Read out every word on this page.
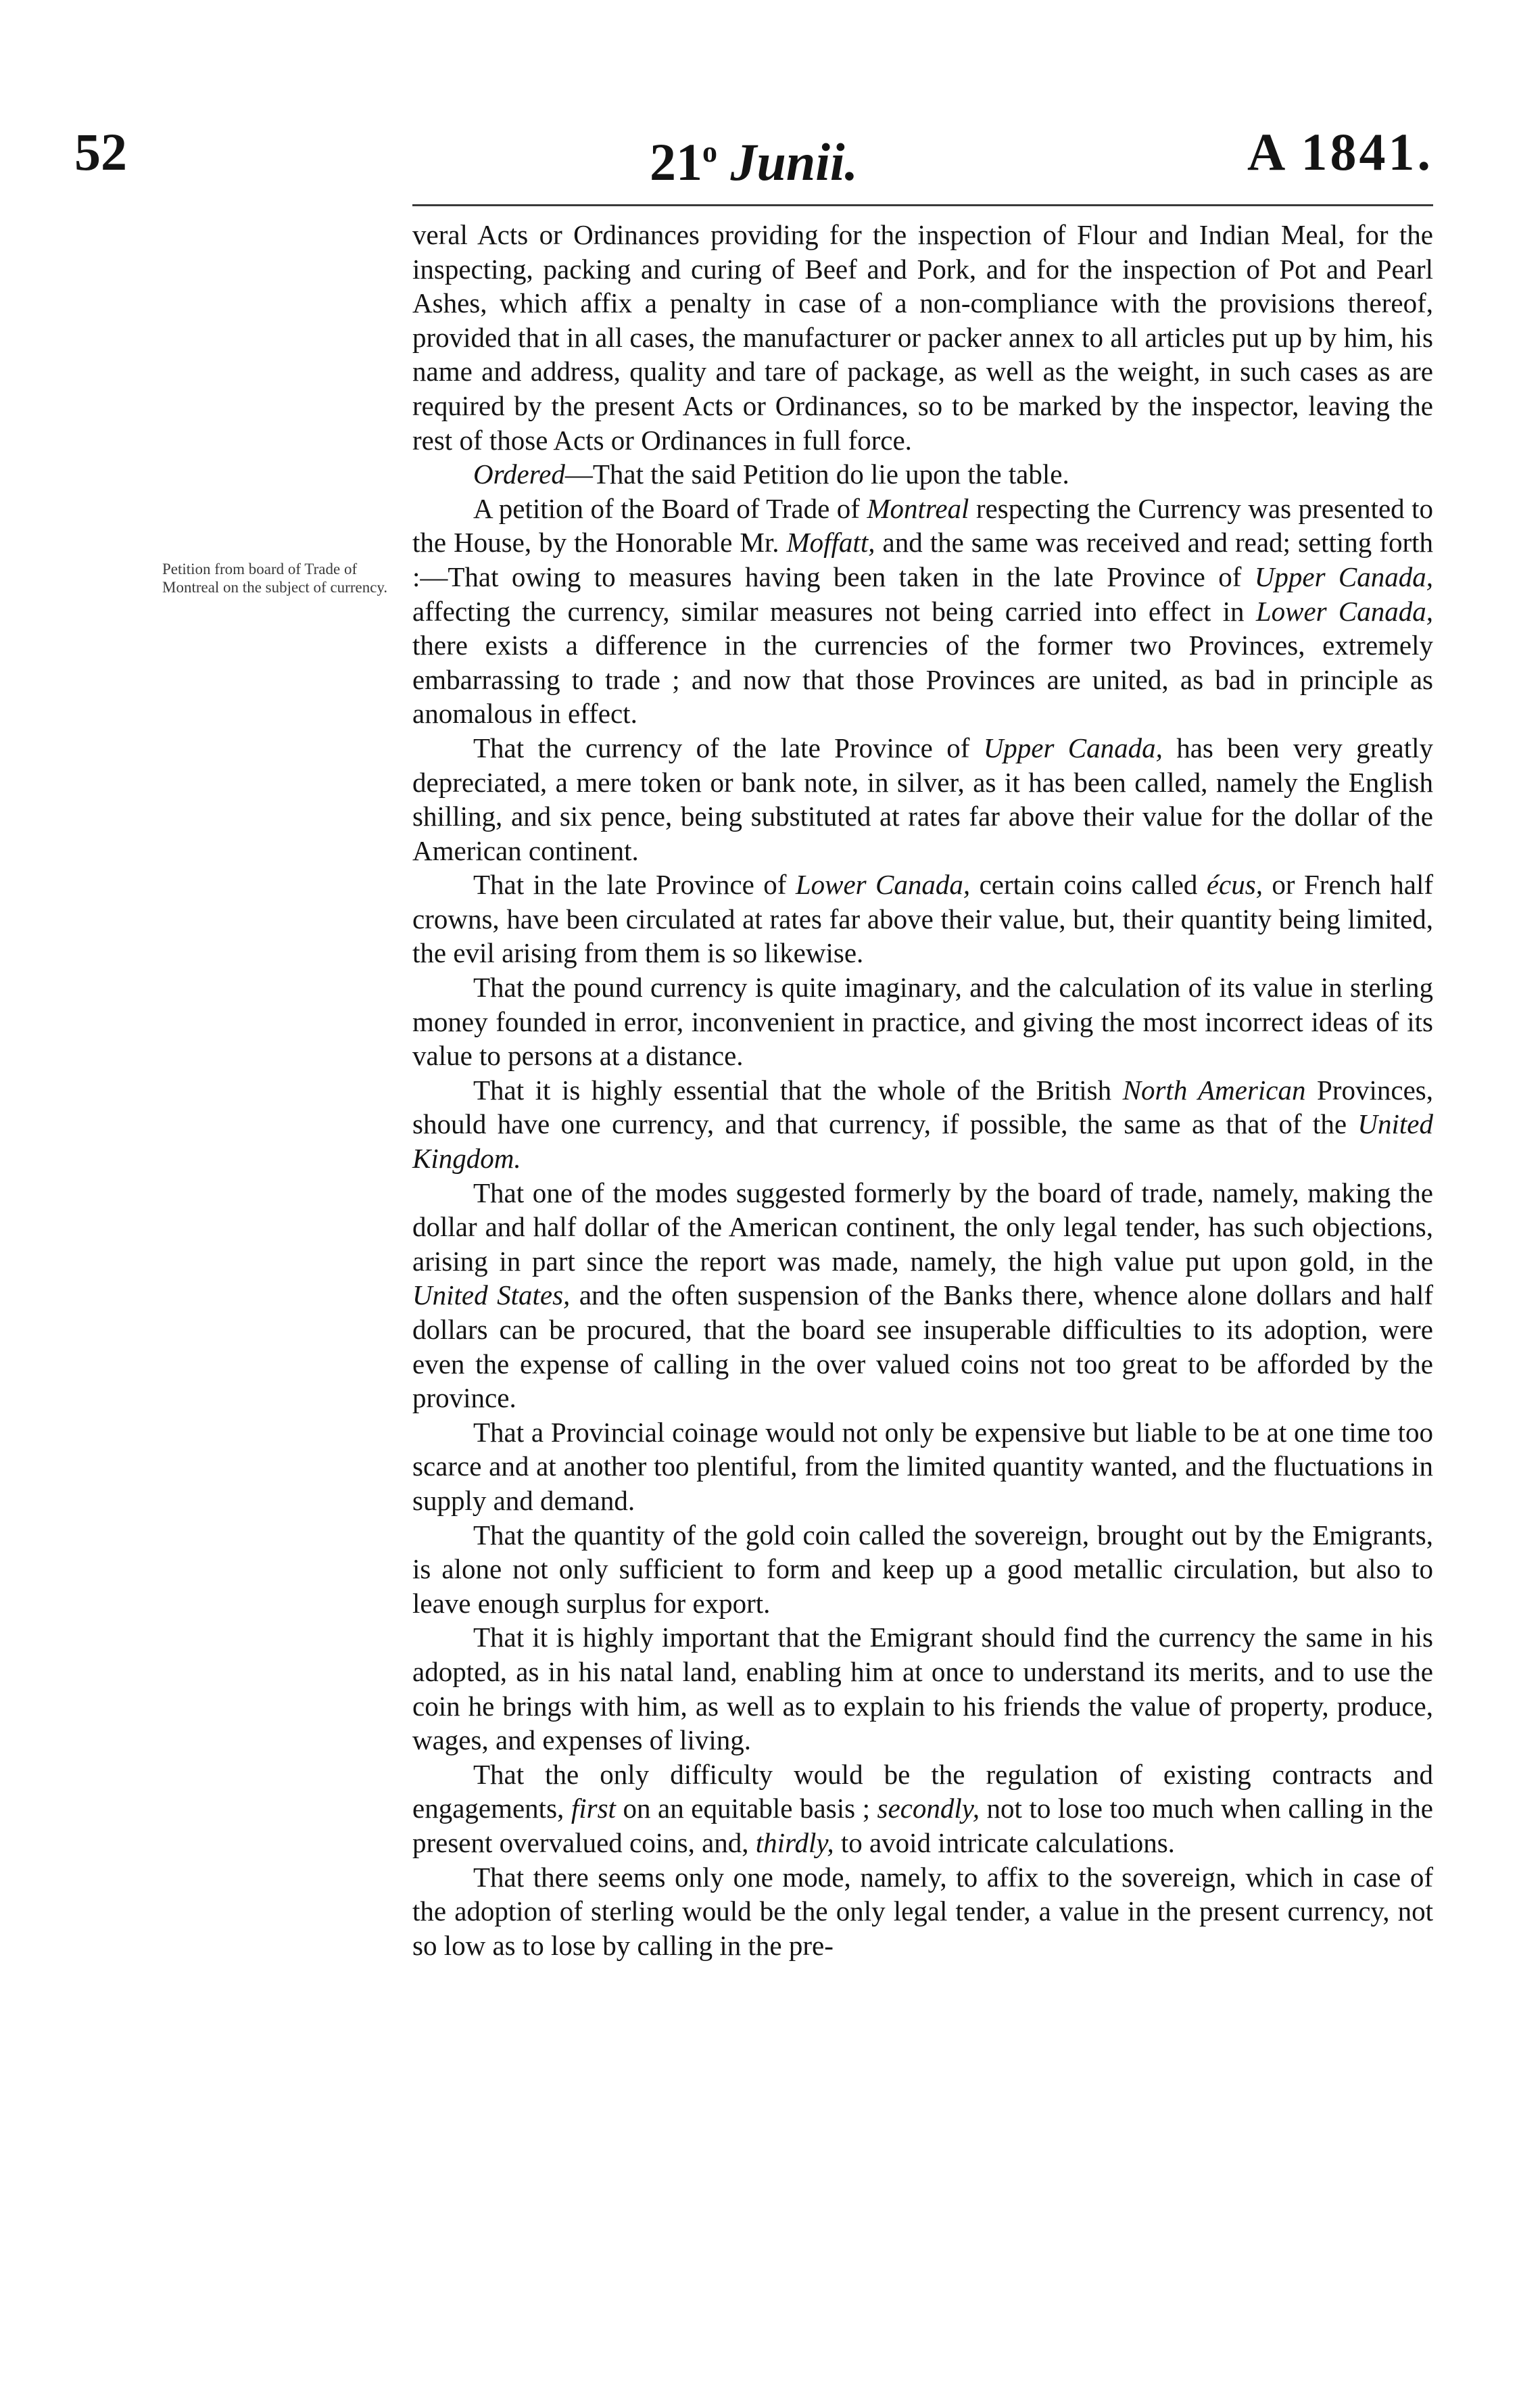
52	21$^o$ Junii.	A 1841.
Petition from board of Trade of Montreal on the subject of currency.

veral Acts or Ordinances providing for the inspection of Flour and Indian Meal, for the inspecting, packing and curing of Beef and Pork, and for the inspection of Pot and Pearl Ashes, which affix a penalty in case of a non-compliance with the provisions thereof, provided that in all cases, the manufacturer or packer annex to all articles put up by him, his name and address, quality and tare of package, as well as the weight, in such cases as are required by the present Acts or Ordinances, so to be marked by the inspector, leaving the rest of those Acts or Ordinances in full force.

Ordered—That the said Petition do lie upon the table.

A petition of the Board of Trade of Montreal respecting the Currency was presented to the House, by the Honorable Mr. Moffatt, and the same was received and read; setting forth :—That owing to measures having been taken in the late Province of Upper Canada, affecting the currency, similar measures not being carried into effect in Lower Canada, there exists a difference in the currencies of the former two Provinces, extremely embarrassing to trade ; and now that those Provinces are united, as bad in principle as anomalous in effect.

That the currency of the late Province of Upper Canada, has been very greatly depreciated, a mere token or bank note, in silver, as it has been called, namely the English shilling, and six pence, being substituted at rates far above their value for the dollar of the American continent.

That in the late Province of Lower Canada, certain coins called écus, or French half crowns, have been circulated at rates far above their value, but, their quantity being limited, the evil arising from them is so likewise.

That the pound currency is quite imaginary, and the calculation of its value in sterling money founded in error, inconvenient in practice, and giving the most incorrect ideas of its value to persons at a distance.

That it is highly essential that the whole of the British North American Provinces, should have one currency, and that currency, if possible, the same as that of the United Kingdom.

That one of the modes suggested formerly by the board of trade, namely, making the dollar and half dollar of the American continent, the only legal tender, has such objections, arising in part since the report was made, namely, the high value put upon gold, in the United States, and the often suspension of the Banks there, whence alone dollars and half dollars can be procured, that the board see insuperable difficulties to its adoption, were even the expense of calling in the over valued coins not too great to be afforded by the province.

That a Provincial coinage would not only be expensive but liable to be at one time too scarce and at another too plentiful, from the limited quantity wanted, and the fluctuations in supply and demand.

That the quantity of the gold coin called the sovereign, brought out by the Emigrants, is alone not only sufficient to form and keep up a good metallic circulation, but also to leave enough surplus for export.

That it is highly important that the Emigrant should find the currency the same in his adopted, as in his natal land, enabling him at once to understand its merits, and to use the coin he brings with him, as well as to explain to his friends the value of property, produce, wages, and expenses of living.

That the only difficulty would be the regulation of existing contracts and engagements, first on an equitable basis ; secondly, not to lose too much when calling in the present overvalued coins, and, thirdly, to avoid intricate calculations.

That there seems only one mode, namely, to affix to the sovereign, which in case of the adoption of sterling would be the only legal tender, a value in the present currency, not so low as to lose by calling in the pre-
